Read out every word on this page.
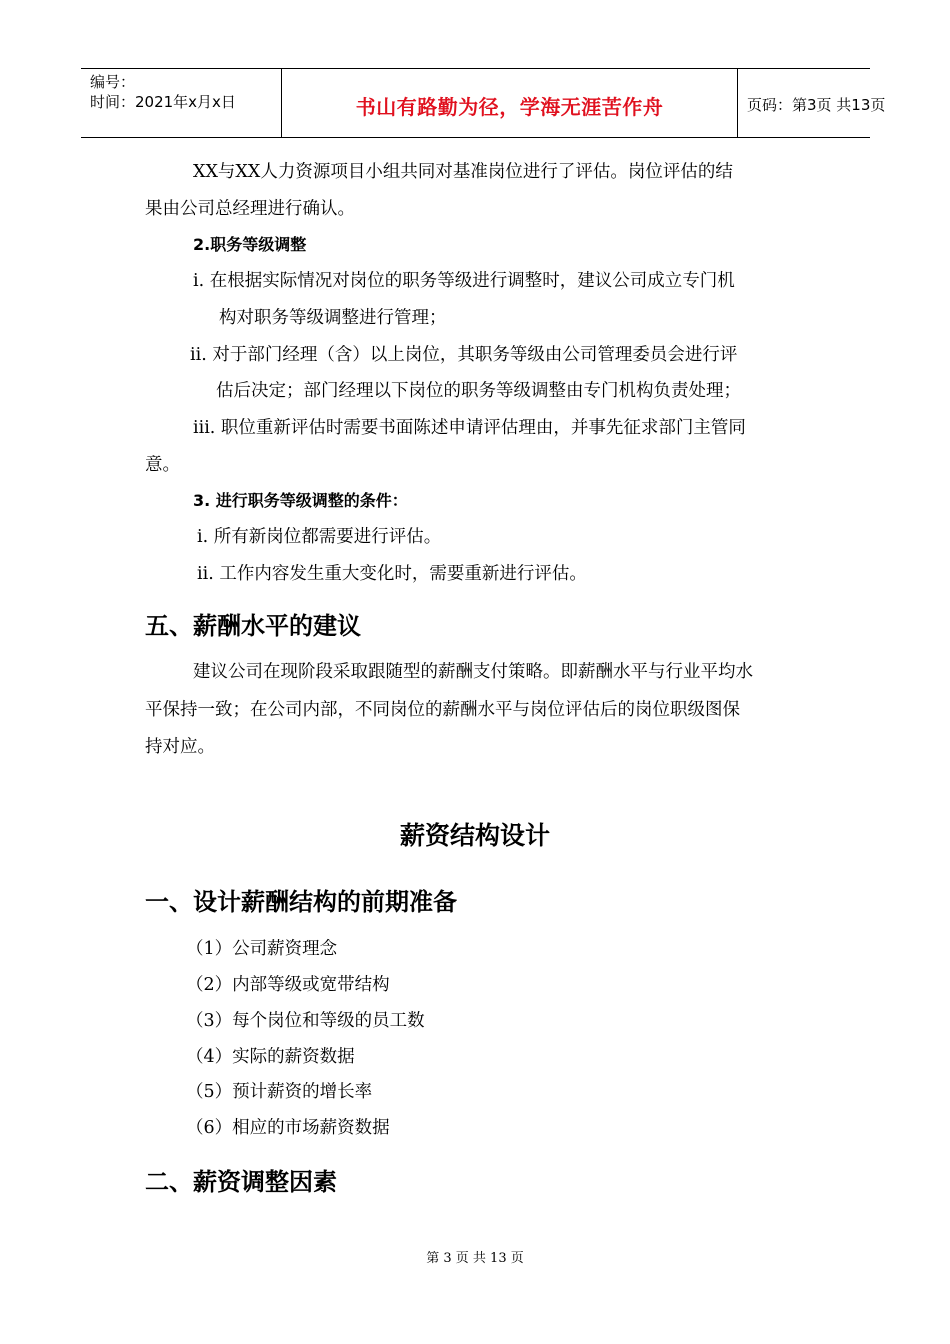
编号：
时间：2021年x月x日	书山有路勤为径，学海无涯苦作舟	页码：第3页 共13页
XX与XX人力资源项目小组共同对基准岗位进行了评估。岗位评估的结
果由公司总经理进行确认。
2.职务等级调整
i. 在根据实际情况对岗位的职务等级进行调整时，建议公司成立专门机
构对职务等级调整进行管理；
ii. 对于部门经理（含）以上岗位，其职务等级由公司管理委员会进行评
估后决定；部门经理以下岗位的职务等级调整由专门机构负责处理；
iii. 职位重新评估时需要书面陈述申请评估理由，并事先征求部门主管同
意。
3. 进行职务等级调整的条件：
i. 所有新岗位都需要进行评估。
ii. 工作内容发生重大变化时，需要重新进行评估。
五、薪酬水平的建议
建议公司在现阶段采取跟随型的薪酬支付策略。即薪酬水平与行业平均水
平保持一致；在公司内部，不同岗位的薪酬水平与岗位评估后的岗位职级图保
持对应。
薪资结构设计
一、设计薪酬结构的前期准备
（1）公司薪资理念
（2）内部等级或宽带结构
（3）每个岗位和等级的员工数
（4）实际的薪资数据
（5）预计薪资的增长率
（6）相应的市场薪资数据
二、薪资调整因素
第 3 页 共 13 页
